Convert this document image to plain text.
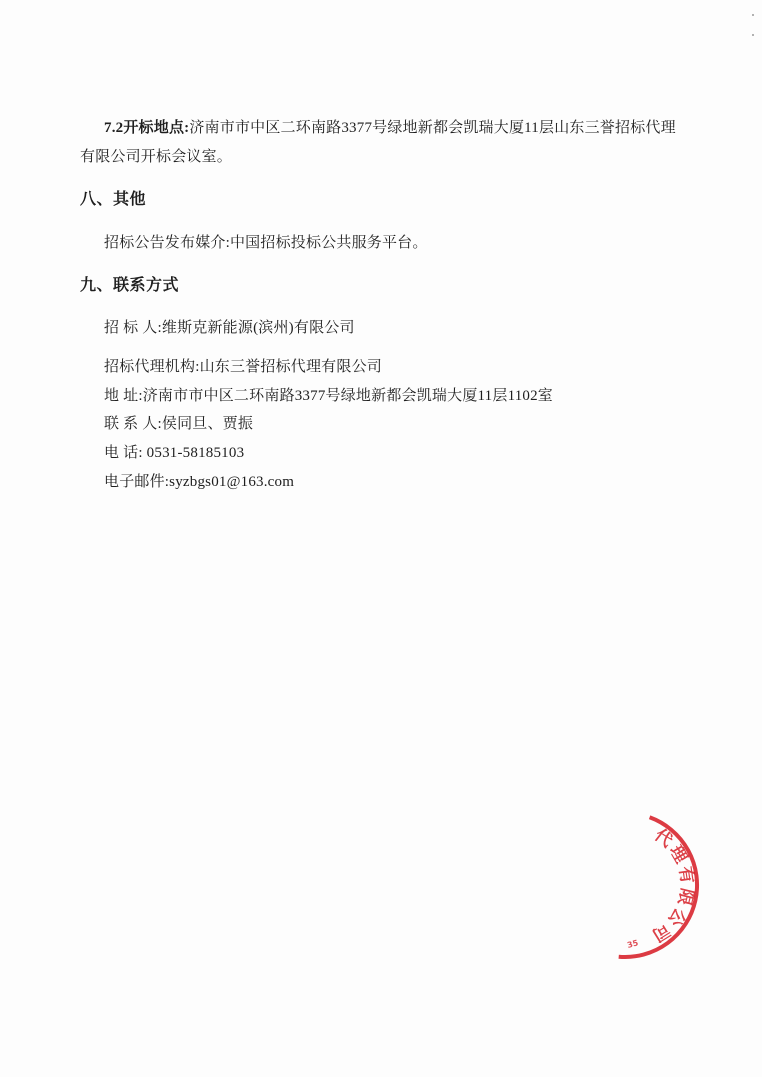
7.2开标地点:济南市市中区二环南路3377号绿地新都会凯瑞大厦11层山东三誉招标代理
有限公司开标会议室。
八、其他
招标公告发布媒介:中国招标投标公共服务平台。
九、联系方式
招 标 人:维斯克新能源(滨州)有限公司
招标代理机构:山东三誉招标代理有限公司
地 址:济南市市中区二环南路3377号绿地新都会凯瑞大厦11层1102室
联 系 人:侯同旦、贾振
电 话: 0531-58185103
电子邮件:syzbgs01@163.com
代理有限公司
35
